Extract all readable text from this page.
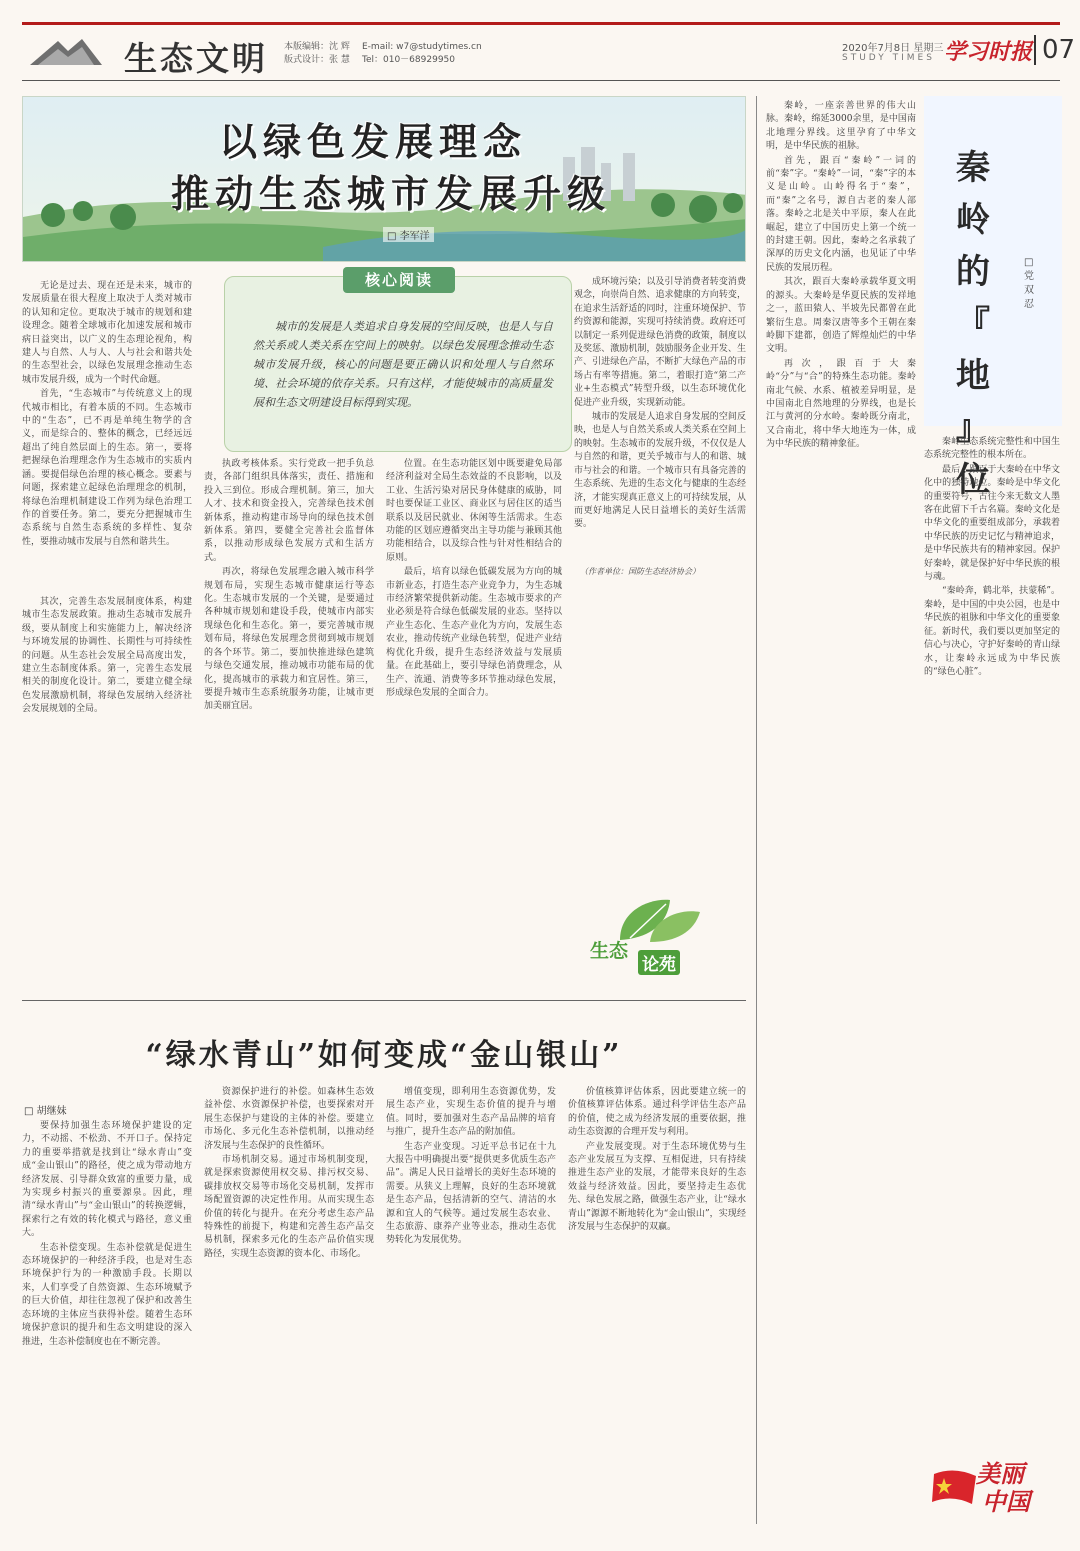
生态文明 本版编辑：沈 辉
版式设计：张 慧
E-mail: w7@studytimes.cn
Tel：010－68929950
2020年7月8日 星期三
STUDY TIMES 学习时报 07
以绿色发展理念
推动生态城市发展升级
□ 李军洋

无论是过去、现在还是未来，城市的发展质量在很大程度上取决于人类对城市的认知和定位。更取决于城市的规划和建设理念。随着全球城市化加速发展和城市病日益突出，以广义的生态理论视角，构建人与自然、人与人、人与社会和谐共处的生态型社会，以绿色发展理念推动生态城市发展升级，成为一个时代命题。

首先，“生态城市”与传统意义上的现代城市相比，有着本质的不同。生态城市中的“生态”，已不再是单纯生物学的含义，而是综合的、整体的概念，已经远远超出了纯自然层面上的生态。第一，要将把握绿色治理理念作为生态城市的实质内涵。要提倡绿色治理的核心概念。要素与问题，探索建立起绿色治理理念的机制，将绿色治理机制建设工作列为绿色治理工作的首要任务。第二，要充分把握城市生态系统与自然生态系统的多样性、复杂性，要推动城市发展与自然和谐共生。

其次，完善生态发展制度体系，构建城市生态发展政策。推动生态城市发展升级，要从制度上和实施能力上，解决经济与环境发展的协调性、长期性与可持续性的问题。从生态社会发展全局高度出发，建立生态制度体系。第一，完善生态发展相关的制度化设计。第二，要建立健全绿色发展激励机制，将绿色发展纳入经济社会发展规划的全局。

核心阅读
城市的发展是人类追求自身发展的空间反映，也是人与自然关系或人类关系在空间上的映射。以绿色发展理念推动生态城市发展升级，核心的问题是要正确认识和处理人与自然环境、社会环境的依存关系。只有这样，才能使城市的高质量发展和生态文明建设目标得到实现。

执政考核体系。实行党政一把手负总责，各部门组织具体落实，责任、措施和投入三到位。形成合理机制。第三，加大人才、技术和资金投入，完善绿色技术创新体系，推动构建市场导向的绿色技术创新体系。第四，要健全完善社会监督体系，以推动形成绿色发展方式和生活方式。

再次，将绿色发展理念融入城市科学规划布局，实现生态城市健康运行等态化。生态城市发展的一个关键，是要通过各种城市规划和建设手段，使城市内部实现绿色化和生态化。第一，要完善城市规划布局，将绿色发展理念贯彻到城市规划的各个环节。第二，要加快推进绿色建筑与绿色交通发展，推动城市功能布局的优化，提高城市的承载力和宜居性。第三，要提升城市生态系统服务功能，让城市更加美丽宜居。

位置。在生态功能区划中既要避免局部经济利益对全局生态效益的不良影响，以及工业、生活污染对居民身体健康的威胁，同时也要保证工业区、商业区与居住区的适当联系以及居民就业、休闲等生活需求。生态功能的区划应遵循突出主导功能与兼顾其他功能相结合，以及综合性与针对性相结合的原则。

最后，培育以绿色低碳发展为方向的城市新业态，打造生态产业竞争力，为生态城市经济繁荣提供新动能。生态城市要求的产业必须是符合绿色低碳发展的业态。坚持以产业生态化、生态产业化为方向，发展生态农业，推动传统产业绿色转型，促进产业结构优化升级，提升生态经济效益与发展质量。在此基础上，要引导绿色消费理念，从生产、流通、消费等多环节推动绿色发展，形成绿色发展的全面合力。

成环境污染；以及引导消费者转变消费观念，向崇尚自然、追求健康的方向转变，在追求生活舒适的同时，注重环境保护、节约资源和能源，实现可持续消费。政府还可以制定一系列促进绿色消费的政策，制度以及奖惩、激励机制，鼓励服务企业开发、生产、引进绿色产品，不断扩大绿色产品的市场占有率等措施。第二，着眼打造“第二产业+生态模式”转型升级，以生态环境优化促进产业升级，实现新动能。

城市的发展是人追求自身发展的空间反映，也是人与自然关系或人类关系在空间上的映射。生态城市的发展升级，不仅仅是人与自然的和谐，更关乎城市与人的和谐、城市与社会的和谐。一个城市只有具备完善的生态系统、先进的生态文化与健康的生态经济，才能实现真正意义上的可持续发展，从而更好地满足人民日益增长的美好生活需要。

（作者单位：国防生态经济协会）
生态
论苑
“绿水青山”如何变成“金山银山”
□ 胡继妹

要保持加强生态环境保护建设的定力，不动摇、不松劲、不开口子。保持定力的重要举措就是找到让“绿水青山”变成“金山银山”的路径，使之成为带动地方经济发展、引导群众致富的重要力量，成为实现乡村振兴的重要源泉。因此，理清“绿水青山”与“金山银山”的转换逻辑，探索行之有效的转化模式与路径，意义重大。

生态补偿变现。生态补偿就是促进生态环境保护的一种经济手段，也是对生态环境保护行为的一种激励手段。长期以来，人们享受了自然资源、生态环境赋予的巨大价值，却往往忽视了保护和改善生态环境的主体应当获得补偿。随着生态环境保护意识的提升和生态文明建设的深入推进，生态补偿制度也在不断完善。

资源保护进行的补偿。如森林生态效益补偿、水资源保护补偿，也要探索对开展生态保护与建设的主体的补偿。要建立市场化、多元化生态补偿机制，以推动经济发展与生态保护的良性循环。

市场机制交易。通过市场机制变现，就是探索资源使用权交易、排污权交易、碳排放权交易等市场化交易机制，发挥市场配置资源的决定性作用。从而实现生态价值的转化与提升。在充分考虑生态产品特殊性的前提下，构建和完善生态产品交易机制，探索多元化的生态产品价值实现路径，实现生态资源的资本化、市场化。

增值变现，即利用生态资源优势，发展生态产业，实现生态价值的提升与增值。同时，要加强对生态产品品牌的培育与推广，提升生态产品的附加值。

生态产业变现。习近平总书记在十九大报告中明确提出要“提供更多优质生态产品”。满足人民日益增长的美好生态环境的需要。从狭义上理解，良好的生态环境就是生态产品，包括清新的空气、清洁的水源和宜人的气候等。通过发展生态农业、生态旅游、康养产业等业态，推动生态优势转化为发展优势。

价值核算评估体系，因此要建立统一的价值核算评估体系。通过科学评估生态产品的价值，使之成为经济发展的重要依据，推动生态资源的合理开发与利用。

产业发展变现。对于生态环境优势与生态产业发展互为支撑、互相促进，只有持续推进生态产业的发展，才能带来良好的生态效益与经济效益。因此，要坚持走生态优先、绿色发展之路，做强生态产业，让“绿水青山”源源不断地转化为“金山银山”，实现经济发展与生态保护的双赢。

秦岭，一座亲善世界的伟大山脉。秦岭，绵延3000余里，是中国南北地理分界线。这里孕育了中华文明，是中华民族的祖脉。

首先，跟百“秦岭”一词的前“秦”字。“秦岭”一词，“秦”字的本义是山岭。山岭得名于“秦”，而“秦”之名号，源自古老的秦人部落。秦岭之北是关中平原，秦人在此崛起，建立了中国历史上第一个统一的封建王朝。因此，秦岭之名承载了深厚的历史文化内涵，也见证了中华民族的发展历程。

其次，跟百大秦岭承载华夏文明的源头。大秦岭是华夏民族的发祥地之一，蓝田猿人、半坡先民都曾在此繁衍生息。周秦汉唐等多个王朝在秦岭脚下建都，创造了辉煌灿烂的中华文明。

再次，跟百于大秦岭“分”与“合”的特殊生态功能。秦岭南北气候、水系、植被差异明显，是中国南北自然地理的分界线，也是长江与黄河的分水岭。秦岭既分南北，又合南北，将中华大地连为一体，成为中华民族的精神象征。

秦
岭
的
『
地
』
位
□ 党双忍

秦岭生态系统完整性和中国生态系统完整性的根本所在。

最后，跟百于大秦岭在中华文化中的独特地位。秦岭是中华文化的重要符号，古往今来无数文人墨客在此留下千古名篇。秦岭文化是中华文化的重要组成部分，承载着中华民族的历史记忆与精神追求，是中华民族共有的精神家园。保护好秦岭，就是保护好中华民族的根与魂。

“秦岭奔，鹤北举，扶蒙稀”。秦岭，是中国的中央公园，也是中华民族的祖脉和中华文化的重要象征。新时代，我们要以更加坚定的信心与决心，守护好秦岭的青山绿水，让秦岭永远成为中华民族的“绿色心脏”。

美丽
中国
